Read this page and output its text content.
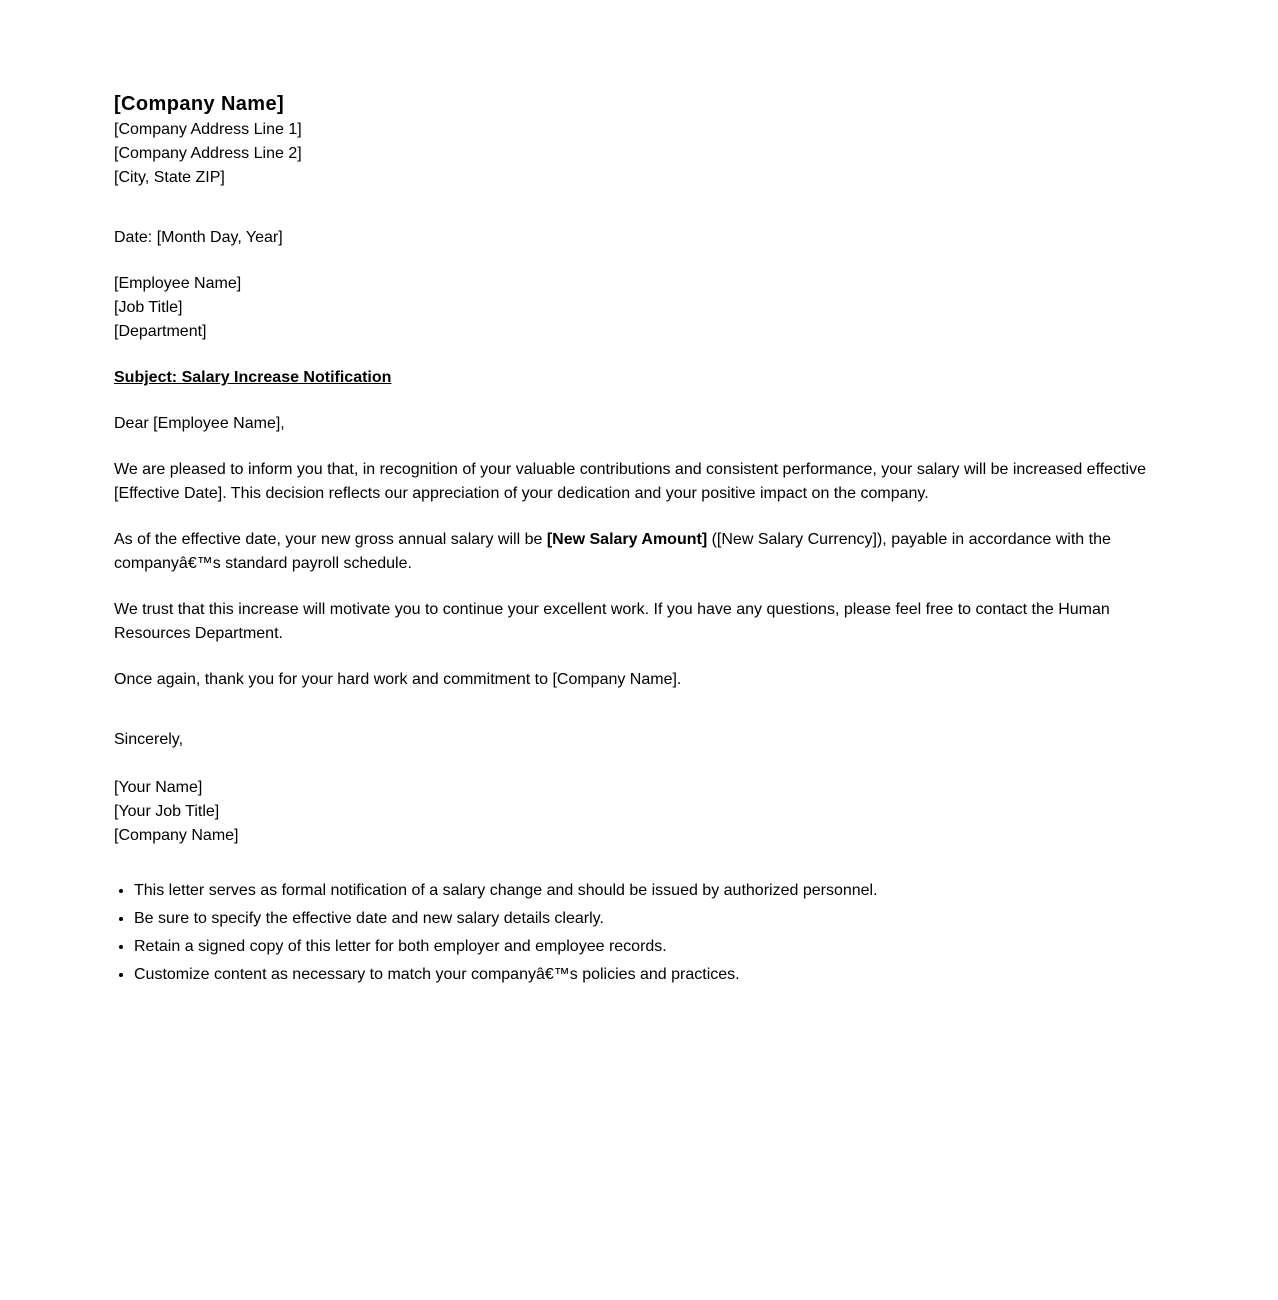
[Company Name]
[Company Address Line 1]
[Company Address Line 2]
[City, State ZIP]
Date: [Month Day, Year]
[Employee Name]
[Job Title]
[Department]
Subject: Salary Increase Notification
Dear [Employee Name],

We are pleased to inform you that, in recognition of your valuable contributions and consistent performance, your salary will be increased effective [Effective Date]. This decision reflects our appreciation of your dedication and your positive impact on the company.

As of the effective date, your new gross annual salary will be [New Salary Amount] ([New Salary Currency]), payable in accordance with the companyâ€™s standard payroll schedule.

We trust that this increase will motivate you to continue your excellent work. If you have any questions, please feel free to contact the Human Resources Department.

Once again, thank you for your hard work and commitment to [Company Name].

Sincerely,
[Your Name]
[Your Job Title]
[Company Name]
• This letter serves as formal notification of a salary change and should be issued by authorized personnel.
• Be sure to specify the effective date and new salary details clearly.
• Retain a signed copy of this letter for both employer and employee records.
• Customize content as necessary to match your companyâ€™s policies and practices.
